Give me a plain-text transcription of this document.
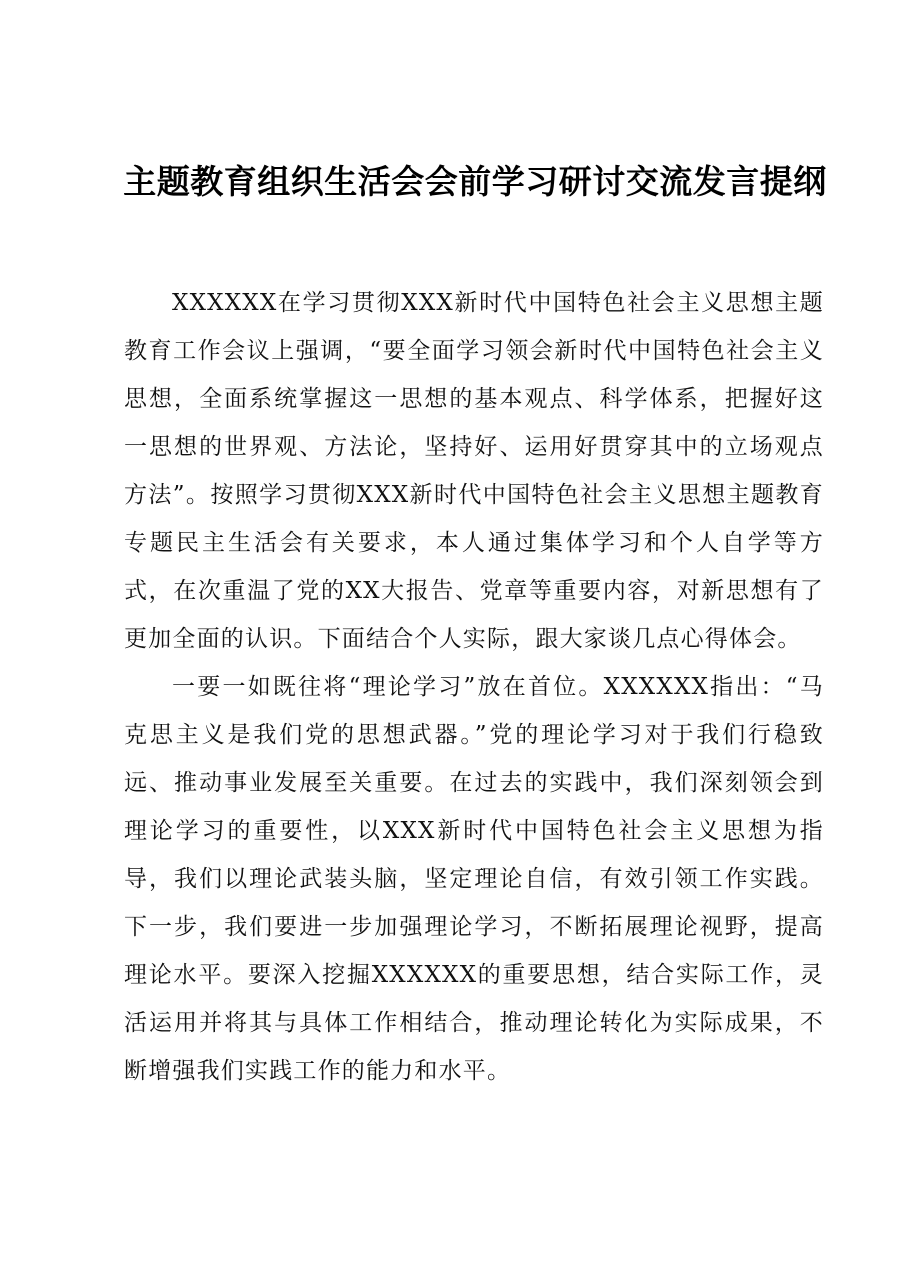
主题教育组织生活会会前学习研讨交流发言提纲

XXXXXX在学习贯彻XXX新时代中国特色社会主义思想主题教育工作会议上强调，“要全面学习领会新时代中国特色社会主义思想，全面系统掌握这一思想的基本观点、科学体系，把握好这一思想的世界观、方法论，坚持好、运用好贯穿其中的立场观点方法”。按照学习贯彻XXX新时代中国特色社会主义思想主题教育专题民主生活会有关要求，本人通过集体学习和个人自学等方式，在次重温了党的XX大报告、党章等重要内容，对新思想有了更加全面的认识。下面结合个人实际，跟大家谈几点心得体会。

一要一如既往将“理论学习”放在首位。XXXXXX指出：“马克思主义是我们党的思想武器。”党的理论学习对于我们行稳致远、推动事业发展至关重要。在过去的实践中，我们深刻领会到理论学习的重要性，以XXX新时代中国特色社会主义思想为指导，我们以理论武装头脑，坚定理论自信，有效引领工作实践。下一步，我们要进一步加强理论学习，不断拓展理论视野，提高理论水平。要深入挖掘XXXXXX的重要思想，结合实际工作，灵活运用并将其与具体工作相结合，推动理论转化为实际成果，不断增强我们实践工作的能力和水平。
